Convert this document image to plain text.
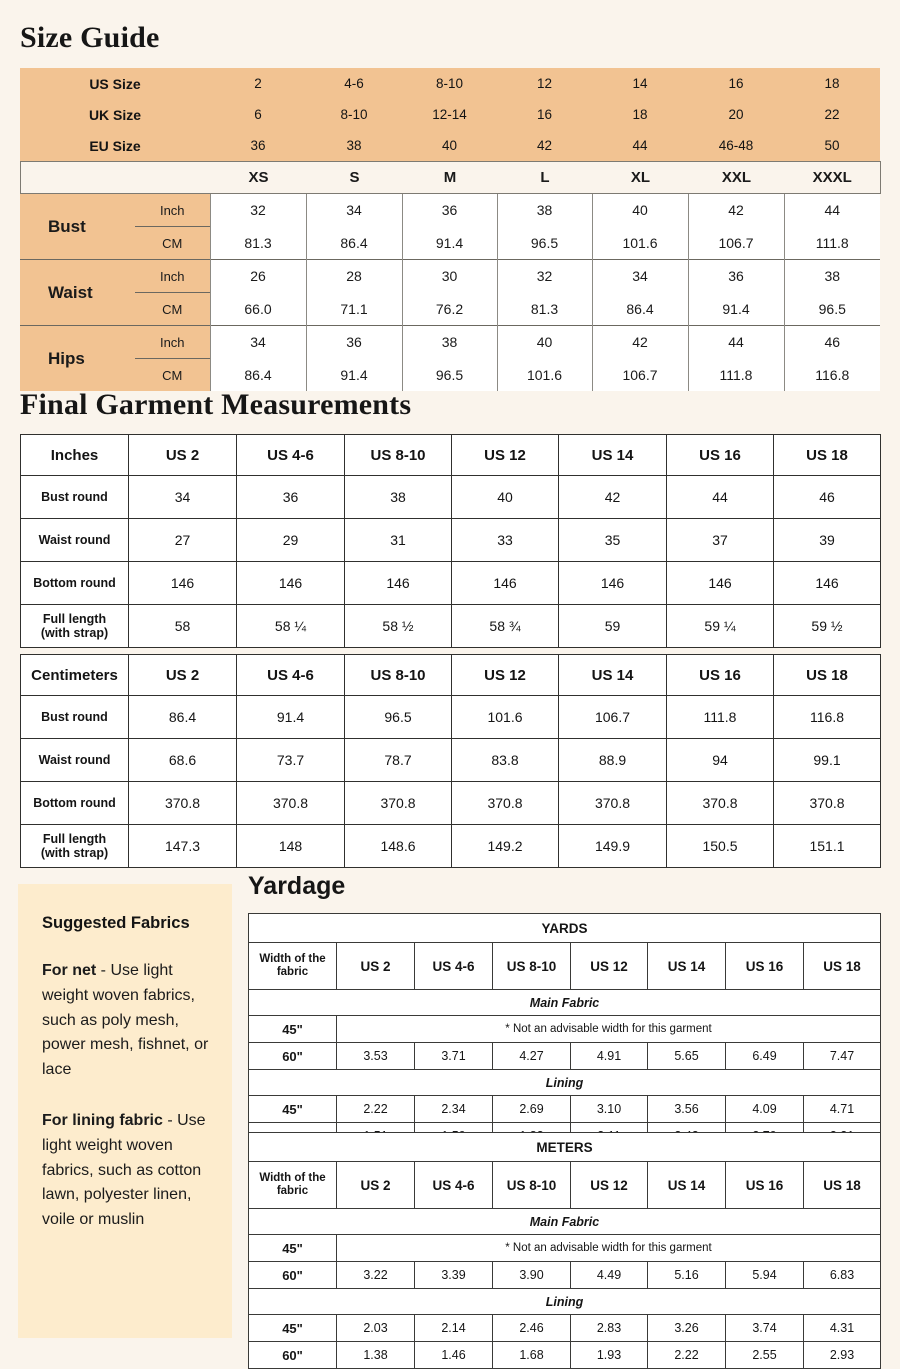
Size Guide
US Size	2	4-6	8-10	12	14	16	18
UK Size	6	8-10	12-14	16	18	20	22
EU Size	36	38	40	42	44	46-48	50
	XS	S	M	L	XL	XXL	XXXL
Bust	Inch	32	34	36	38	40	42	44
	CM	81.3	86.4	91.4	96.5	101.6	106.7	111.8
Waist	Inch	26	28	30	32	34	36	38
	CM	66.0	71.1	76.2	81.3	86.4	91.4	96.5
Hips	Inch	34	36	38	40	42	44	46
	CM	86.4	91.4	96.5	101.6	106.7	111.8	116.8
Final Garment Measurements
Inches	US 2	US 4-6	US 8-10	US 12	US 14	US 16	US 18
Bust round	34	36	38	40	42	44	46
Waist round	27	29	31	33	35	37	39
Bottom round	146	146	146	146	146	146	146
Full length
(with strap)	58	58 ¼	58 ½	58 ¾	59	59 ¼	59 ½
Centimeters	US 2	US 4-6	US 8-10	US 12	US 14	US 16	US 18
Bust round	86.4	91.4	96.5	101.6	106.7	111.8	116.8
Waist round	68.6	73.7	78.7	83.8	88.9	94	99.1
Bottom round	370.8	370.8	370.8	370.8	370.8	370.8	370.8
Full length
(with strap)	147.3	148	148.6	149.2	149.9	150.5	151.1
Suggested Fabrics

For net - Use light weight woven fabrics, such as poly mesh, power mesh, fishnet, or lace

For lining fabric - Use light weight woven fabrics, such as cotton lawn, polyester linen, voile or muslin

Yardage
YARDS							
Width of the
fabric	US 2	US 4-6	US 8-10	US 12	US 14	US 16	US 18
Main Fabric							
45"	* Not an advisable width for this garment						
60"	3.53	3.71	4.27	4.91	5.65	6.49	7.47
Lining							
45"	2.22	2.34	2.69	3.10	3.56	4.09	4.71

METERS							
Width of the
fabric	US 2	US 4-6	US 8-10	US 12	US 14	US 16	US 18
Main Fabric							
45"	* Not an advisable width for this garment						
60"	3.22	3.39	3.90	4.49	5.16	5.94	6.83
Lining							
45"	2.03	2.14	2.46	2.83	3.26	3.74	4.31
60"	1.38	1.46	1.68	1.93	2.22	2.55	2.93
